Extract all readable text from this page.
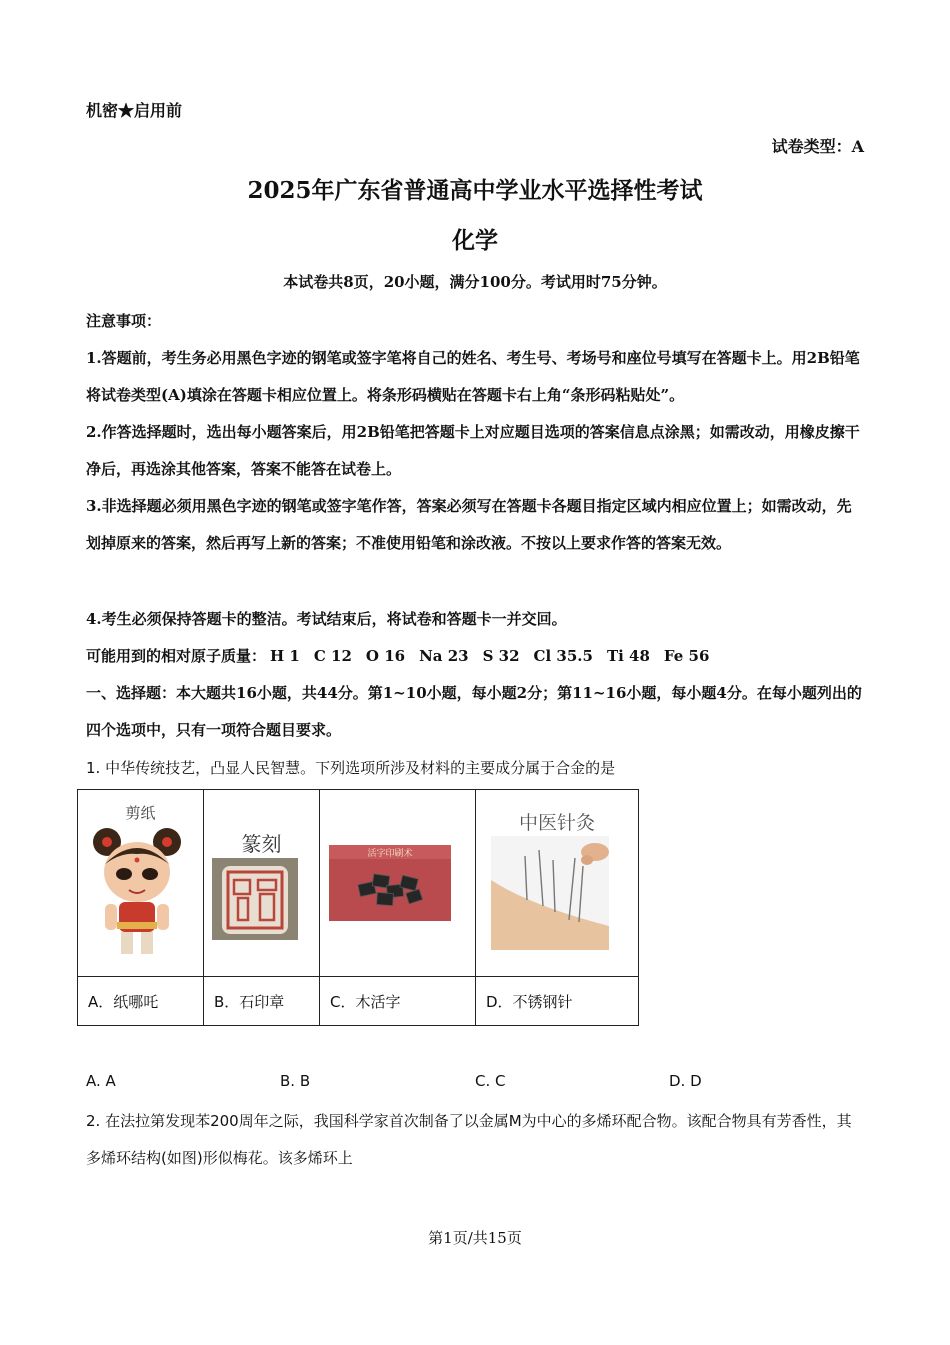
机密★启用前
试卷类型：A
2025年广东省普通高中学业水平选择性考试
化学
本试卷共8页，20小题，满分100分。考试用时75分钟。

注意事项：

1.答题前，考生务必用黑色字迹的钢笔或签字笔将自己的姓名、考生号、考场号和座位号填写在答题卡上。用2B铅笔将试卷类型(A)填涂在答题卡相应位置上。将条形码横贴在答题卡右上角“条形码粘贴处”。

2.作答选择题时，选出每小题答案后，用2B铅笔把答题卡上对应题目选项的答案信息点涂黑；如需改动，用橡皮擦干净后，再选涂其他答案，答案不能答在试卷上。

3.非选择题必须用黑色字迹的钢笔或签字笔作答，答案必须写在答题卡各题目指定区域内相应位置上；如需改动，先划掉原来的答案，然后再写上新的答案；不准使用铅笔和涂改液。不按以上要求作答的答案无效。

4.考生必须保持答题卡的整洁。考试结束后，将试卷和答题卡一并交回。

可能用到的相对原子质量： H 1 C 12 O 16 Na 23 S 32 Cl 35.5 Ti 48 Fe 56

一、选择题：本大题共16小题，共44分。第1~10小题，每小题2分；第11~16小题，每小题4分。在每小题列出的四个选项中，只有一项符合题目要求。

1. 中华传统技艺，凸显人民智慧。下列选项所涉及材料的主要成分属于合金的是

剪纸	篆刻	活字印刷术	中医针灸

A．纸哪吒	B．石印章	C．木活字	D．不锈钢针
A. A	B. B	C. C	D. D

2. 在法拉第发现苯200周年之际，我国科学家首次制备了以金属M为中心的多烯环配合物。该配合物具有芳香性，其多烯环结构(如图)形似梅花。该多烯环上

第1页/共15页
